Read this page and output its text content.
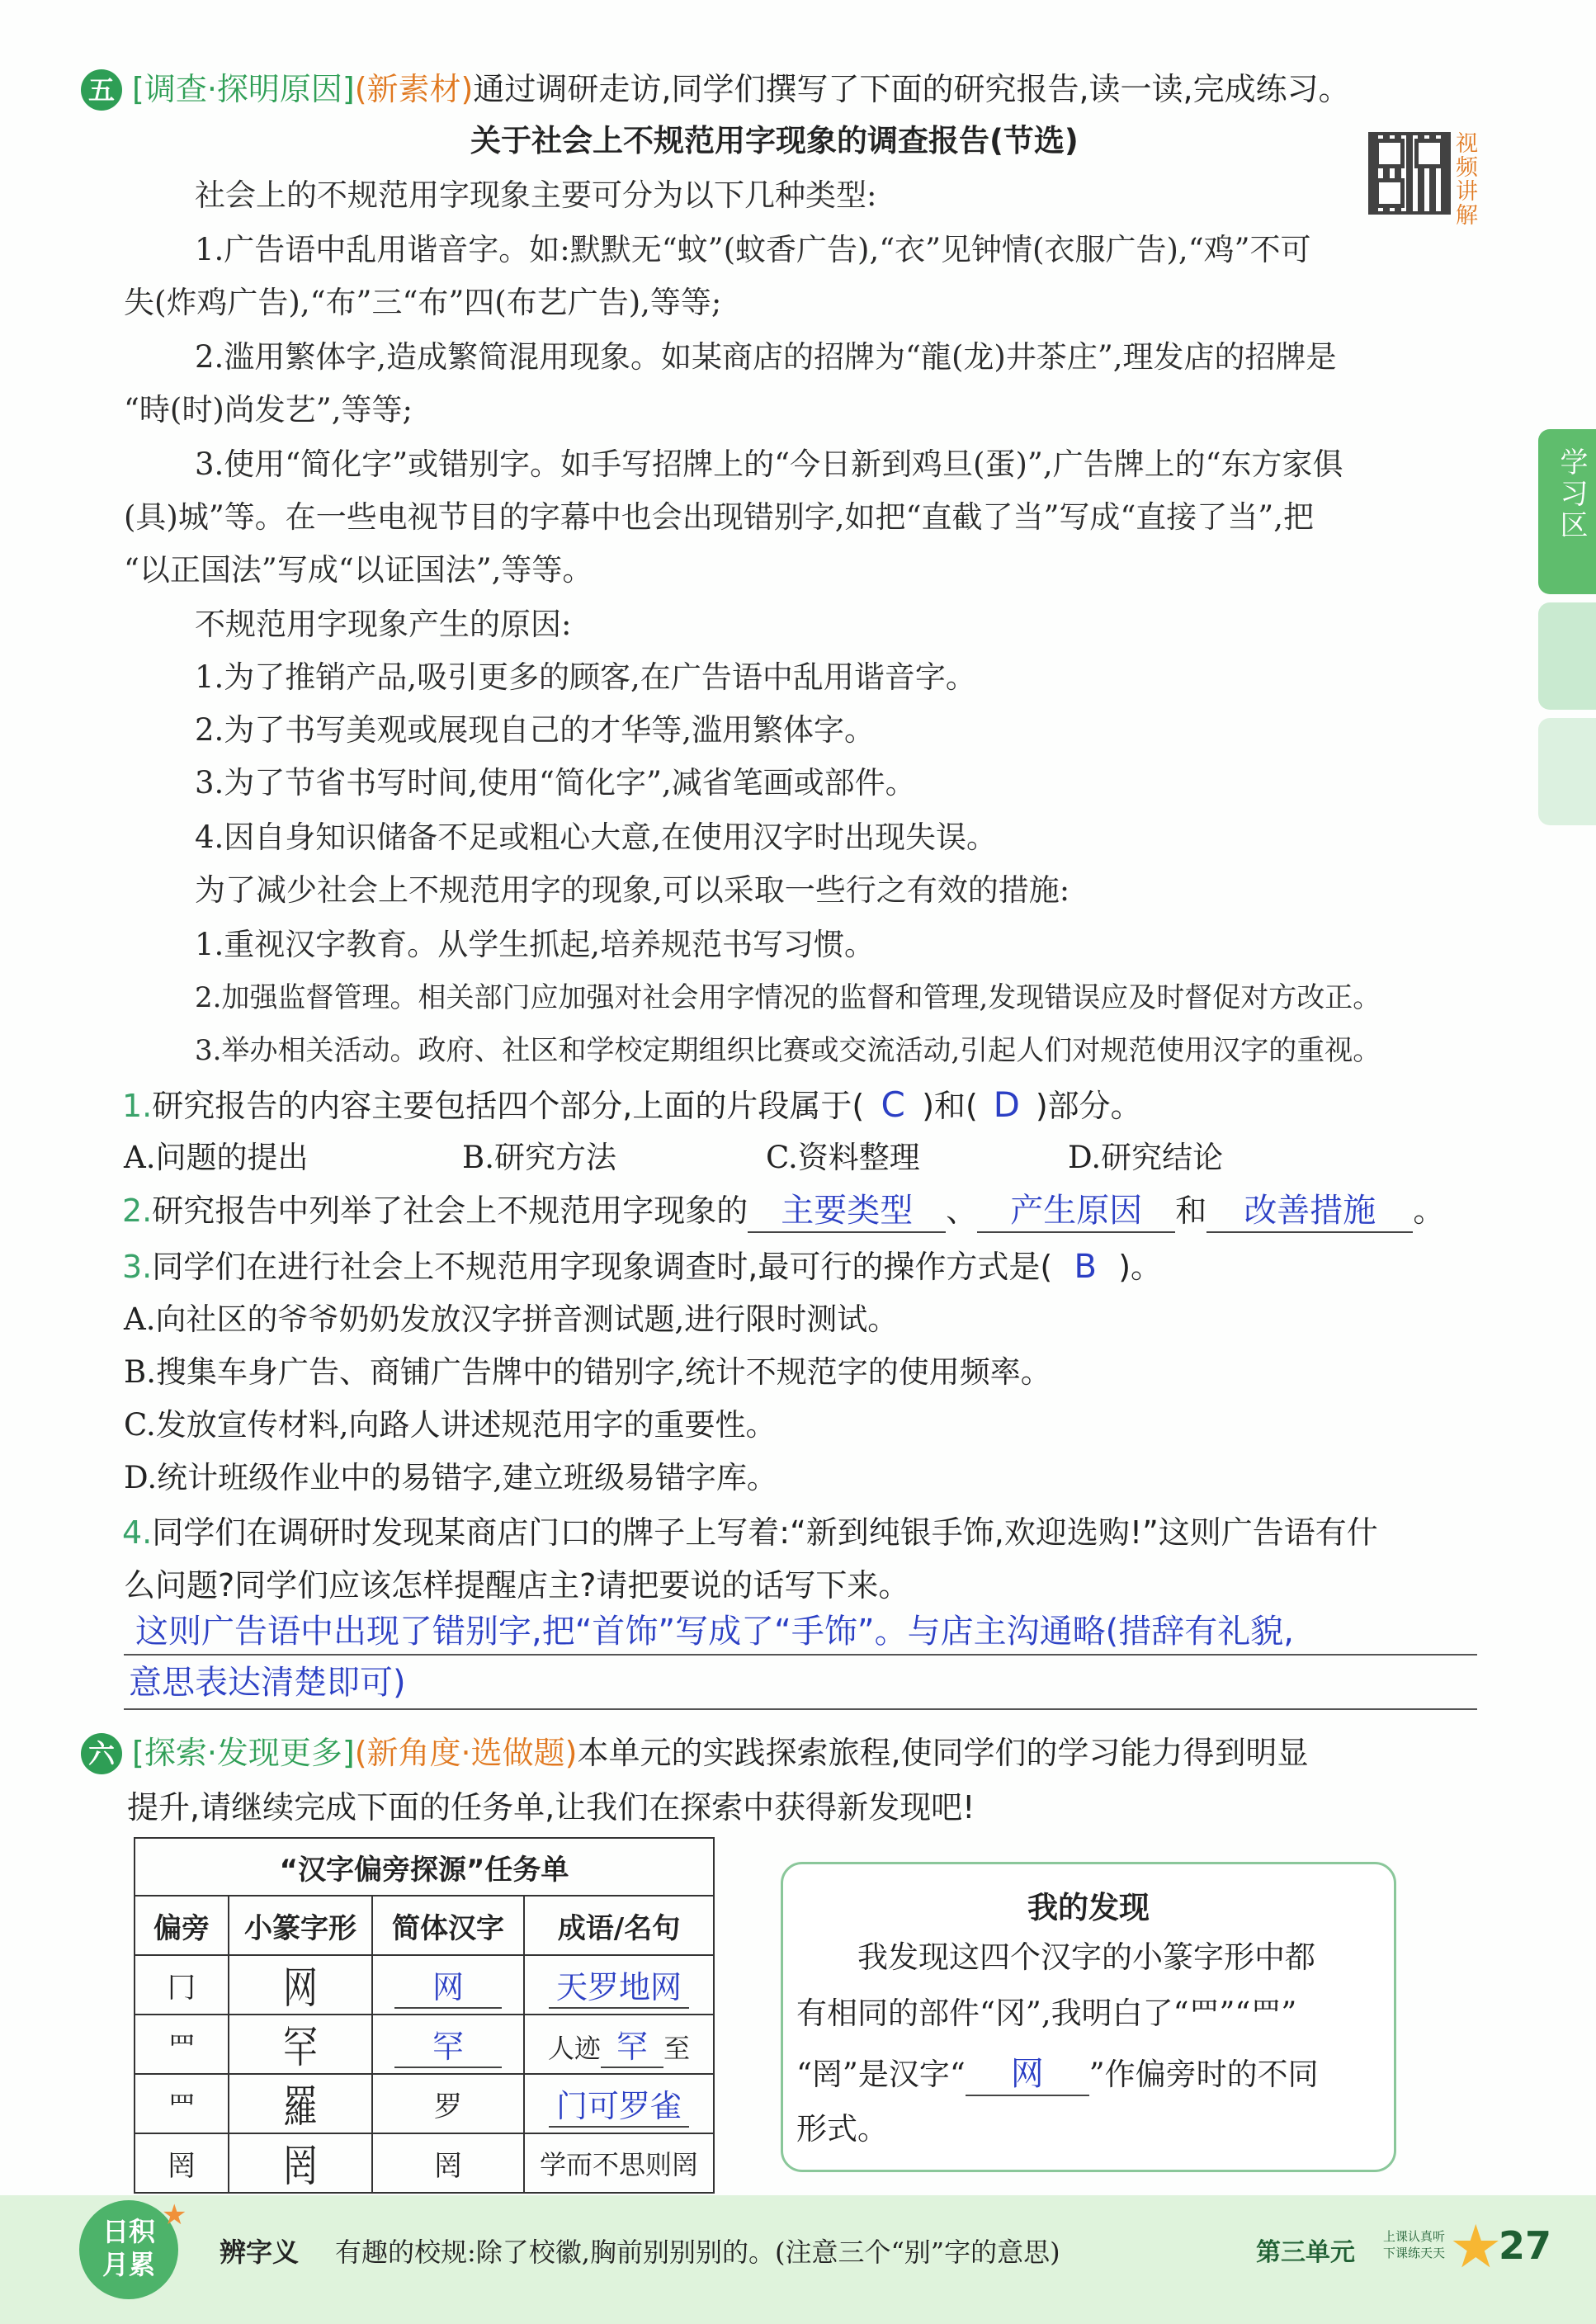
五 [调查·探明原因](新素材)通过调研走访,同学们撰写了下面的研究报告,读一读,完成练习。
关于社会上不规范用字现象的调查报告(节选)	视频讲解
社会上的不规范用字现象主要可分为以下几种类型:
1.广告语中乱用谐音字。如:默默无“蚊”(蚊香广告),“衣”见钟情(衣服广告),“鸡”不可
失(炸鸡广告),“布”三“布”四(布艺广告),等等;
2.滥用繁体字,造成繁简混用现象。如某商店的招牌为“龍(龙)井茶庄”,理发店的招牌是
“時(时)尚发艺”,等等;
3.使用“简化字”或错别字。如手写招牌上的“今日新到鸡旦(蛋)”,广告牌上的“东方家俱
(具)城”等。在一些电视节目的字幕中也会出现错别字,如把“直截了当”写成“直接了当”,把
“以正国法”写成“以证国法”,等等。
不规范用字现象产生的原因:
1.为了推销产品,吸引更多的顾客,在广告语中乱用谐音字。
2.为了书写美观或展现自己的才华等,滥用繁体字。
3.为了节省书写时间,使用“简化字”,减省笔画或部件。
4.因自身知识储备不足或粗心大意,在使用汉字时出现失误。
为了减少社会上不规范用字的现象,可以采取一些行之有效的措施:
1.重视汉字教育。从学生抓起,培养规范书写习惯。
2.加强监督管理。相关部门应加强对社会用字情况的监督和管理,发现错误应及时督促对方改正。
3.举办相关活动。政府、社区和学校定期组织比赛或交流活动,引起人们对规范使用汉字的重视。
1.研究报告的内容主要包括四个部分,上面的片段属于( C )和( D )部分。
A.问题的提出	B.研究方法	C.资料整理	D.研究结论
2.研究报告中列举了社会上不规范用字现象的 主要类型 、 产生原因 和 改善措施 。
3.同学们在进行社会上不规范用字现象调查时,最可行的操作方式是( B )。
A.向社区的爷爷奶奶发放汉字拼音测试题,进行限时测试。
B.搜集车身广告、商铺广告牌中的错别字,统计不规范字的使用频率。
C.发放宣传材料,向路人讲述规范用字的重要性。
D.统计班级作业中的易错字,建立班级易错字库。
4.同学们在调研时发现某商店门口的牌子上写着:“新到纯银手饰,欢迎选购!”这则广告语有什
么问题?同学们应该怎样提醒店主?请把要说的话写下来。
这则广告语中出现了错别字,把“首饰”写成了“手饰”。与店主沟通略(措辞有礼貌,
意思表达清楚即可)
六 [探索·发现更多](新角度·选做题)本单元的实践探索旅程,使同学们的学习能力得到明显
提升,请继续完成下面的任务单,让我们在探索中获得新发现吧!
“汉字偏旁探源”任务单			
偏旁	小篆字形	简体汉字	成语/名句
冂	网	网	天罗地网
罒	罕	罕	人迹 罕 至
罒	羅	罗	门可罗雀
罔	罔	罔	学而不思则罔
我的发现
我发现这四个汉字的小篆字形中都
有相同的部件“冈”,我明白了“罒”“罒”
“罔”是汉字“ 网 ”作偏旁时的不同
形式。
学习区
日积
月累
★
辨字义 有趣的校规:除了校徽,胸前别别别的。(注意三个“别”字的意思)	第三单元
上课认真听
下课练天天 ★
27
